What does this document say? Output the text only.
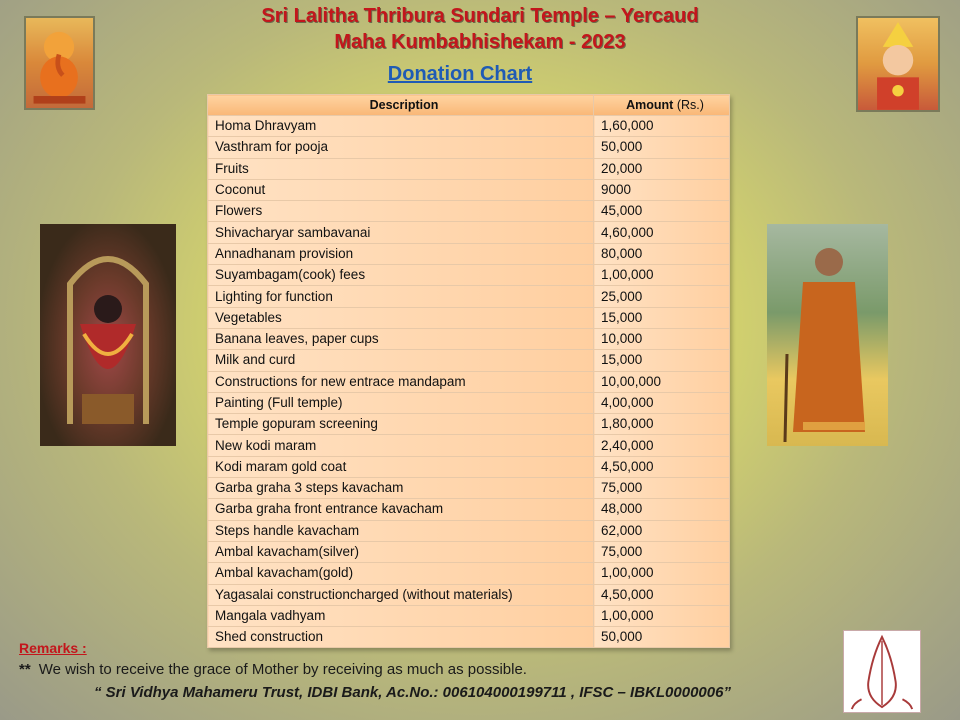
Sri Lalitha Thribura Sundari Temple – Yercaud
Maha Kumbabhishekam - 2023
Donation Chart
Description	Amount (Rs.)
Homa Dhravyam	1,60,000
Vasthram for pooja	50,000
Fruits	20,000
Coconut	9000
Flowers	45,000
Shivacharyar sambavanai	4,60,000
Annadhanam provision	80,000
Suyambagam(cook) fees	1,00,000
Lighting for function	25,000
Vegetables	15,000
Banana leaves, paper cups	10,000
Milk and curd	15,000
Constructions for new entrace mandapam	10,00,000
Painting (Full temple)	4,00,000
Temple gopuram screening	1,80,000
New kodi maram	2,40,000
Kodi maram gold coat	4,50,000
Garba graha 3 steps kavacham	75,000
Garba graha front entrance kavacham	48,000
Steps handle kavacham	62,000
Ambal kavacham(silver)	75,000
Ambal kavacham(gold)	1,00,000
Yagasalai constructioncharged (without materials)	4,50,000
Mangala vadhyam	1,00,000
Shed construction	50,000
Remarks :
** We wish to receive the grace of Mother by receiving as much as possible.
“ Sri Vidhya Mahameru Trust, IDBI Bank, Ac.No.: 006104000199711 , IFSC – IBKL0000006”
